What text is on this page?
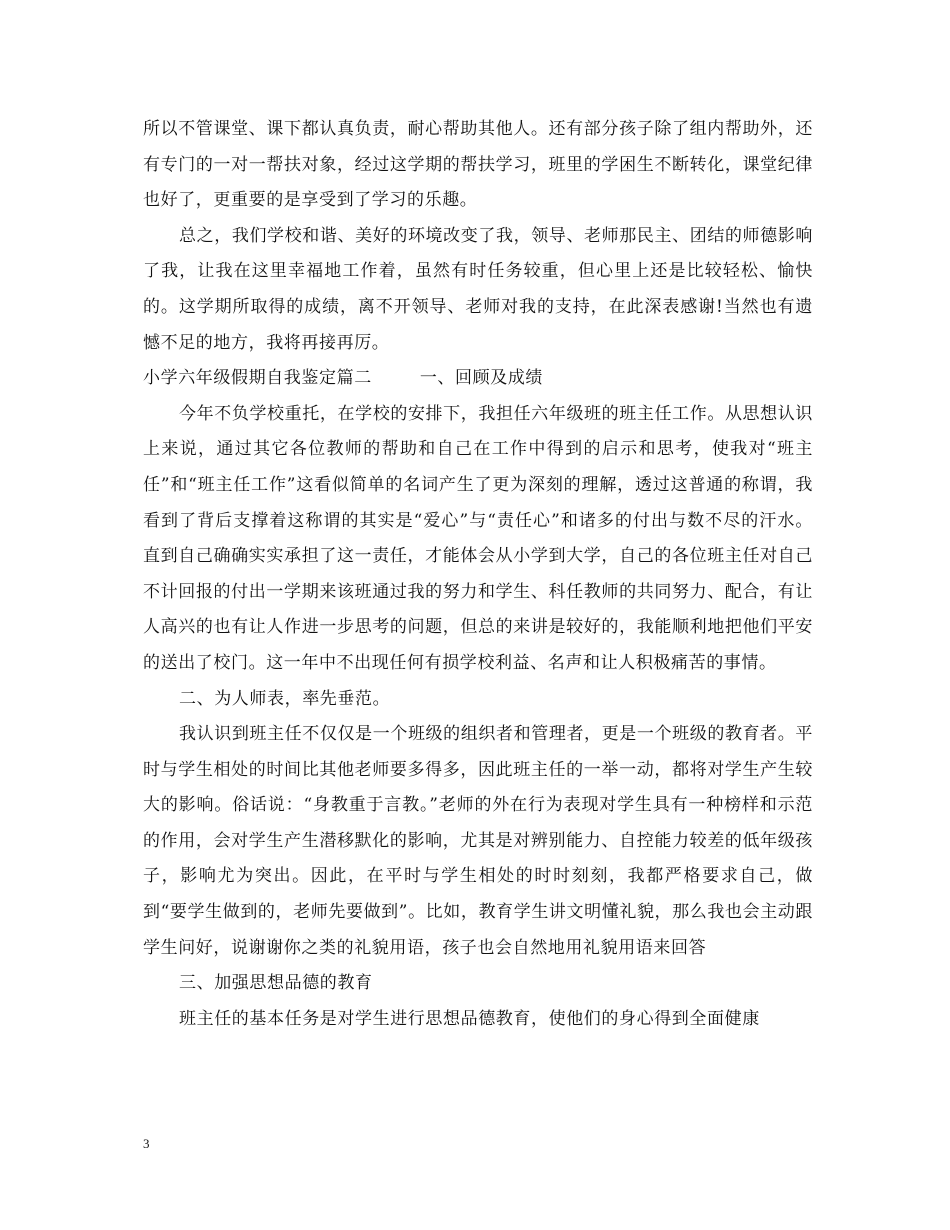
所以不管课堂、课下都认真负责，耐心帮助其他人。还有部分孩子除了组内帮助外，还有专门的一对一帮扶对象，经过这学期的帮扶学习，班里的学困生不断转化，课堂纪律也好了，更重要的是享受到了学习的乐趣。

总之，我们学校和谐、美好的环境改变了我，领导、老师那民主、团结的师德影响了我，让我在这里幸福地工作着，虽然有时任务较重，但心里上还是比较轻松、愉快的。这学期所取得的成绩，离不开领导、老师对我的支持，在此深表感谢!当然也有遗憾不足的地方，我将再接再厉。

小学六年级假期自我鉴定篇二        一、回顾及成绩

今年不负学校重托，在学校的安排下，我担任六年级班的班主任工作。从思想认识上来说，通过其它各位教师的帮助和自己在工作中得到的启示和思考，使我对“班主任”和“班主任工作”这看似简单的名词产生了更为深刻的理解，透过这普通的称谓，我看到了背后支撑着这称谓的其实是“爱心”与“责任心”和诸多的付出与数不尽的汗水。直到自己确确实实承担了这一责任，才能体会从小学到大学，自己的各位班主任对自己不计回报的付出一学期来该班通过我的努力和学生、科任教师的共同努力、配合，有让人高兴的也有让人作进一步思考的问题，但总的来讲是较好的，我能顺利地把他们平安的送出了校门。这一年中不出现任何有损学校利益、名声和让人积极痛苦的事情。

二、为人师表，率先垂范。

我认识到班主任不仅仅是一个班级的组织者和管理者，更是一个班级的教育者。平时与学生相处的时间比其他老师要多得多，因此班主任的一举一动，都将对学生产生较大的影响。俗话说：“身教重于言教。”老师的外在行为表现对学生具有一种榜样和示范的作用，会对学生产生潜移默化的影响，尤其是对辨别能力、自控能力较差的低年级孩子，影响尤为突出。因此，在平时与学生相处的时时刻刻，我都严格要求自己，做到“要学生做到的，老师先要做到”。比如，教育学生讲文明懂礼貌，那么我也会主动跟学生问好，说谢谢你之类的礼貌用语，孩子也会自然地用礼貌用语来回答

三、加强思想品德的教育

班主任的基本任务是对学生进行思想品德教育，使他们的身心得到全面健康

3
